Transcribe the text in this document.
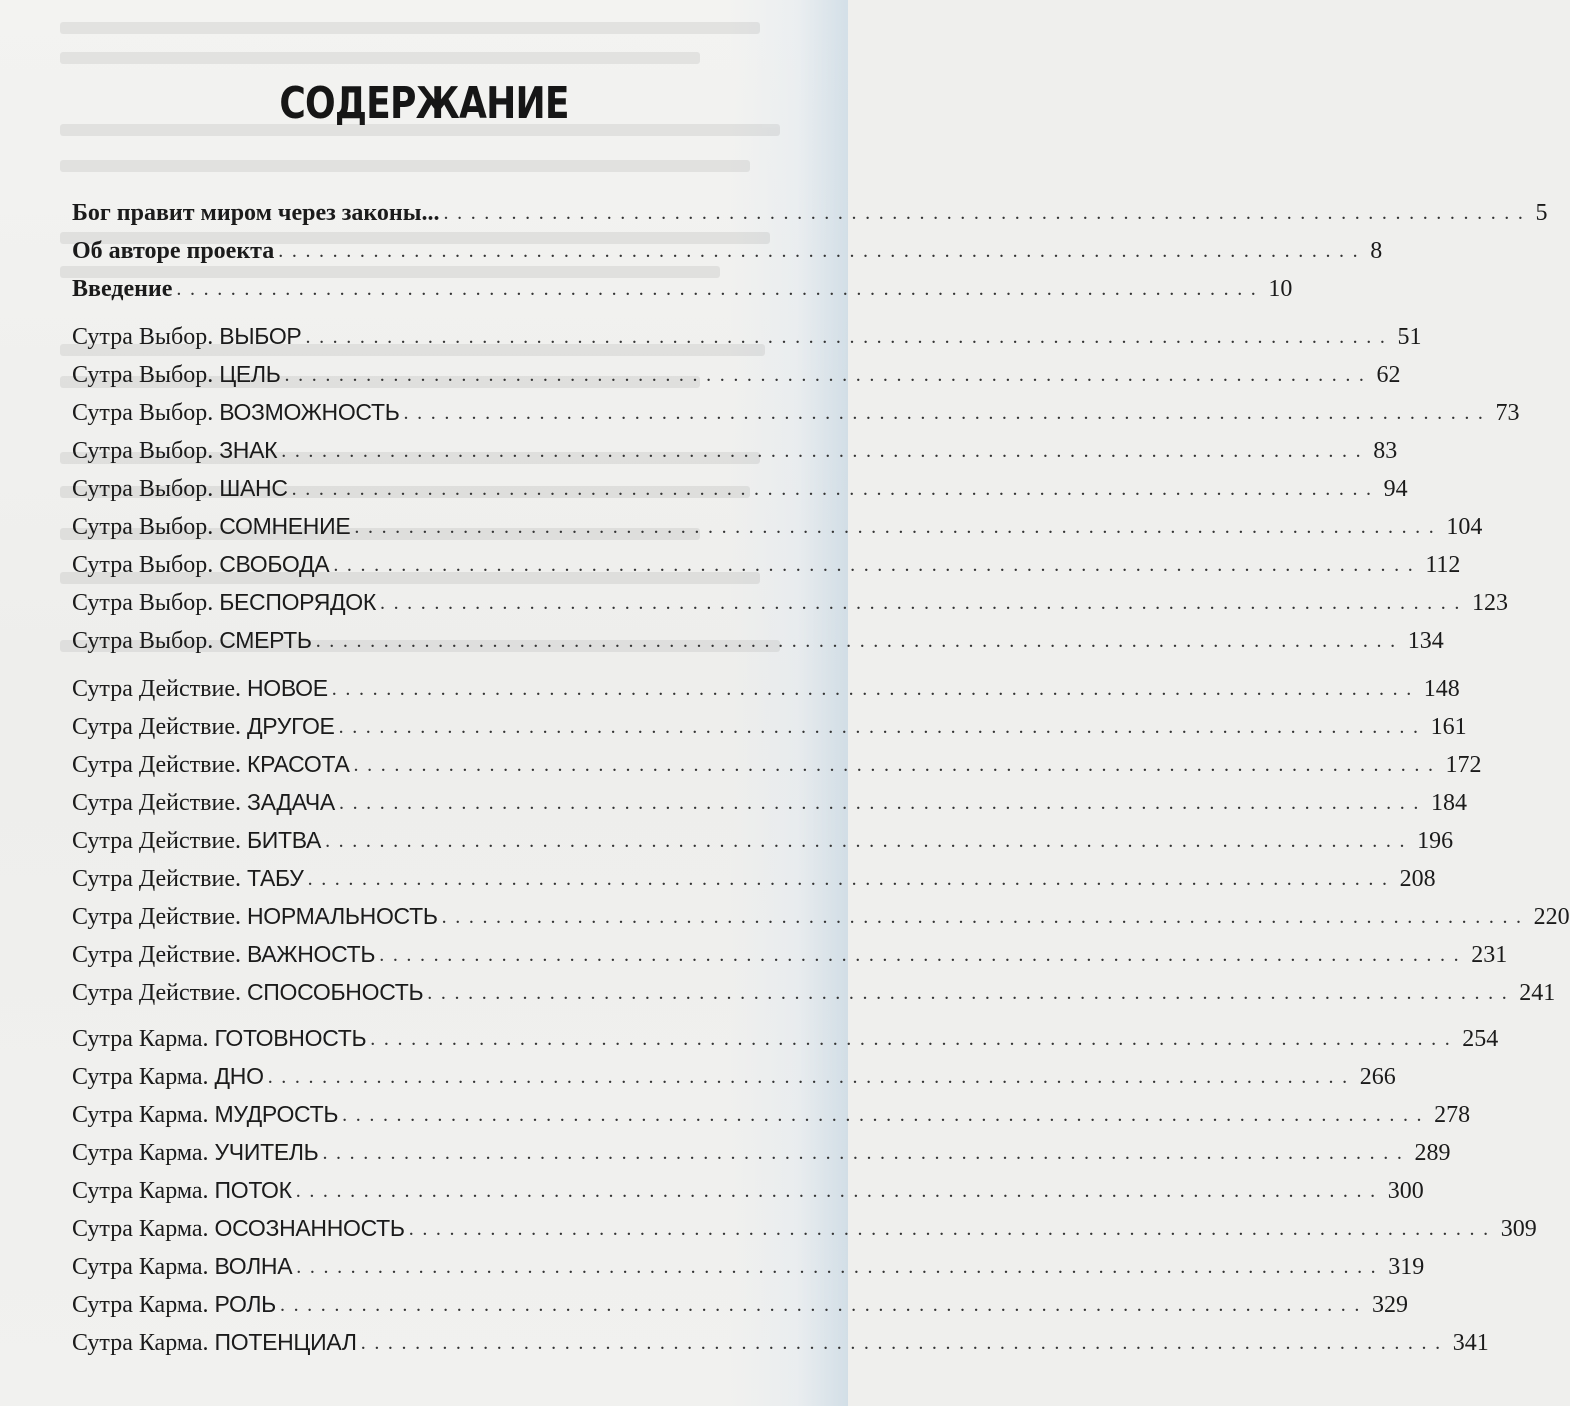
СОДЕРЖАНИЕ
Бог правит миром через законы... ................................................................................ 5
Об авторе проекта ................................................................................ 8
Введение ................................................................................ 10
Сутра Выбор. ВЫБОР ................................................................................ 51
Сутра Выбор. ЦЕЛЬ ................................................................................ 62
Сутра Выбор. ВОЗМОЖНОСТЬ ................................................................................ 73
Сутра Выбор. ЗНАК ................................................................................ 83
Сутра Выбор. ШАНС ................................................................................ 94
Сутра Выбор. СОМНЕНИЕ ................................................................................ 104
Сутра Выбор. СВОБОДА ................................................................................ 112
Сутра Выбор. БЕСПОРЯДОК ................................................................................ 123
Сутра Выбор. СМЕРТЬ ................................................................................ 134
Сутра Действие. НОВОЕ ................................................................................ 148
Сутра Действие. ДРУГОЕ ................................................................................ 161
Сутра Действие. КРАСОТА ................................................................................ 172
Сутра Действие. ЗАДАЧА ................................................................................ 184
Сутра Действие. БИТВА ................................................................................ 196
Сутра Действие. ТАБУ ................................................................................ 208
Сутра Действие. НОРМАЛЬНОСТЬ ................................................................................ 220
Сутра Действие. ВАЖНОСТЬ ................................................................................ 231
Сутра Действие. СПОСОБНОСТЬ ................................................................................ 241
Сутра Карма. ГОТОВНОСТЬ ................................................................................ 254
Сутра Карма. ДНО ................................................................................ 266
Сутра Карма. МУДРОСТЬ ................................................................................ 278
Сутра Карма. УЧИТЕЛЬ ................................................................................ 289
Сутра Карма. ПОТОК ................................................................................ 300
Сутра Карма. ОСОЗНАННОСТЬ ................................................................................ 309
Сутра Карма. ВОЛНА ................................................................................ 319
Сутра Карма. РОЛЬ ................................................................................ 329
Сутра Карма. ПОТЕНЦИАЛ ................................................................................ 341
